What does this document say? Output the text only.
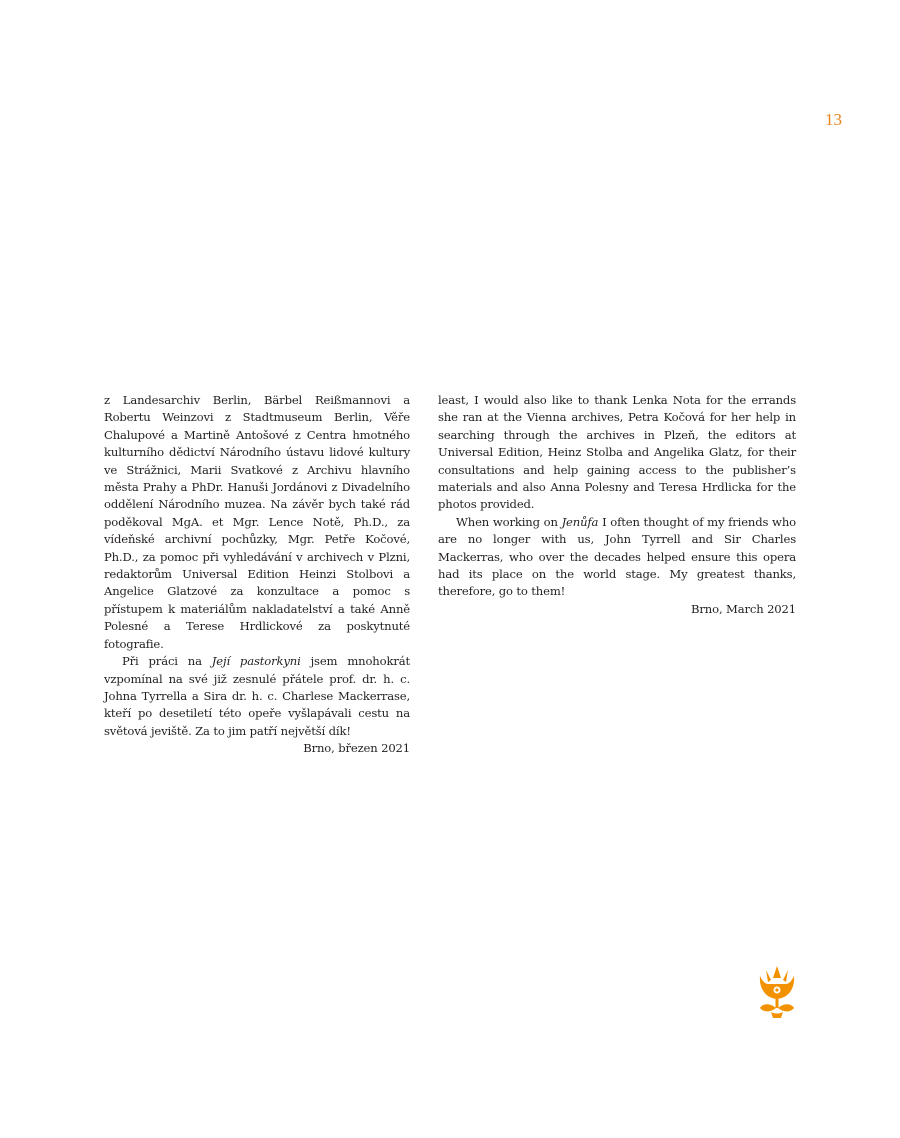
13

z Landesarchiv Berlin, Bärbel Reißmannovi a Robertu Weinzovi z Stadtmuseum Berlin, Věře Chalupové a Martině Antošové z Centra hmotného kulturního dědictví Národního ústavu lidové kultury ve Strážnici, Marii Svatkové z Archivu hlavního města Prahy a PhDr. Hanuši Jordánovi z Divadelního oddělení Národního muzea. Na závěr bych také rád poděkoval MgA. et Mgr. Lence Notě, Ph.D., za vídeňské archivní pochůzky, Mgr. Petře Kočové, Ph.D., za pomoc při vyhledávání v archivech v Plzni, redaktorům Universal Edition Heinzi Stolbovi a Angelice Glatzové za konzultace a pomoc s přístupem k materiálům nakladatelství a také Anně Polesné a Terese Hrdlickové za poskytnuté fotografie.

Při práci na Její pastorkyni jsem mnohokrát vzpomínal na své již zesnulé přátele prof. dr. h. c. Johna Tyrrella a Sira dr. h. c. Charlese Mackerrase, kteří po desetiletí této opeře vyšlapávali cestu na světová jeviště. Za to jim patří největší dík!

Brno, březen 2021

least, I would also like to thank Lenka Nota for the errands she ran at the Vienna archives, Petra Kočová for her help in searching through the archives in Plzeň, the editors at Universal Edition, Heinz Stolba and Angelika Glatz, for their consultations and help gaining access to the publisher’s materials and also Anna Polesny and Teresa Hrdlicka for the photos provided.

When working on Jenůfa I often thought of my friends who are no longer with us, John Tyrrell and Sir Charles Mackerras, who over the decades helped ensure this opera had its place on the world stage. My greatest thanks, therefore, go to them!

Brno, March 2021
